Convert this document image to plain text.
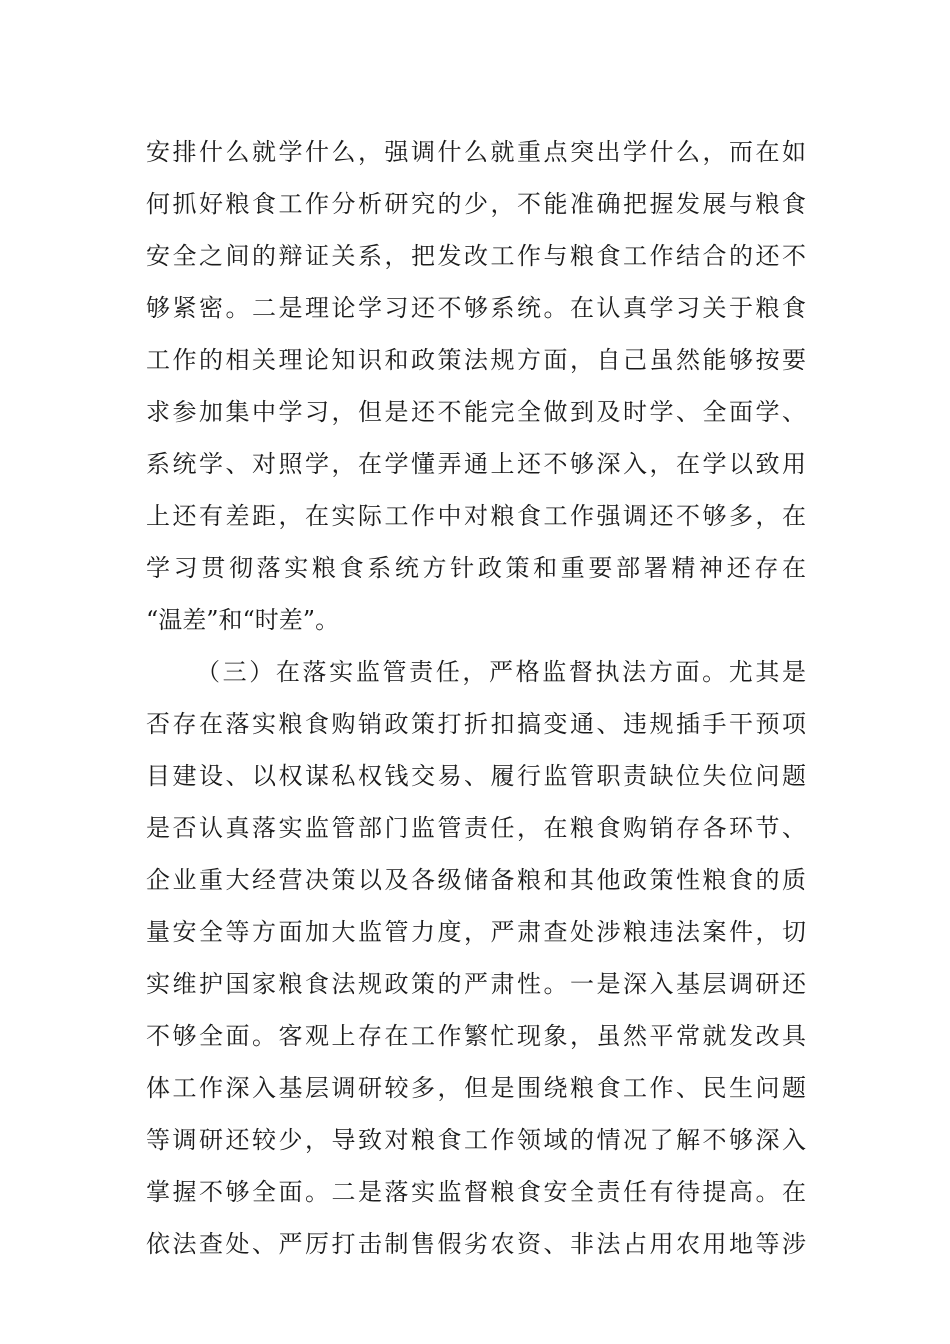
安排什么就学什么，强调什么就重点突出学什么，而在如
何抓好粮食工作分析研究的少，不能准确把握发展与粮食
安全之间的辩证关系，把发改工作与粮食工作结合的还不
够紧密。二是理论学习还不够系统。在认真学习关于粮食
工作的相关理论知识和政策法规方面，自己虽然能够按要
求参加集中学习，但是还不能完全做到及时学、全面学、
系统学、对照学，在学懂弄通上还不够深入，在学以致用
上还有差距，在实际工作中对粮食工作强调还不够多，在
学习贯彻落实粮食系统方针政策和重要部署精神还存在
“温差”和“时差”。
（三）在落实监管责任，严格监督执法方面。尤其是
否存在落实粮食购销政策打折扣搞变通、违规插手干预项
目建设、以权谋私权钱交易、履行监管职责缺位失位问题
是否认真落实监管部门监管责任，在粮食购销存各环节、
企业重大经营决策以及各级储备粮和其他政策性粮食的质
量安全等方面加大监管力度，严肃查处涉粮违法案件，切
实维护国家粮食法规政策的严肃性。一是深入基层调研还
不够全面。客观上存在工作繁忙现象，虽然平常就发改具
体工作深入基层调研较多，但是围绕粮食工作、民生问题
等调研还较少，导致对粮食工作领域的情况了解不够深入
掌握不够全面。二是落实监督粮食安全责任有待提高。在
依法查处、严厉打击制售假劣农资、非法占用农用地等涉
